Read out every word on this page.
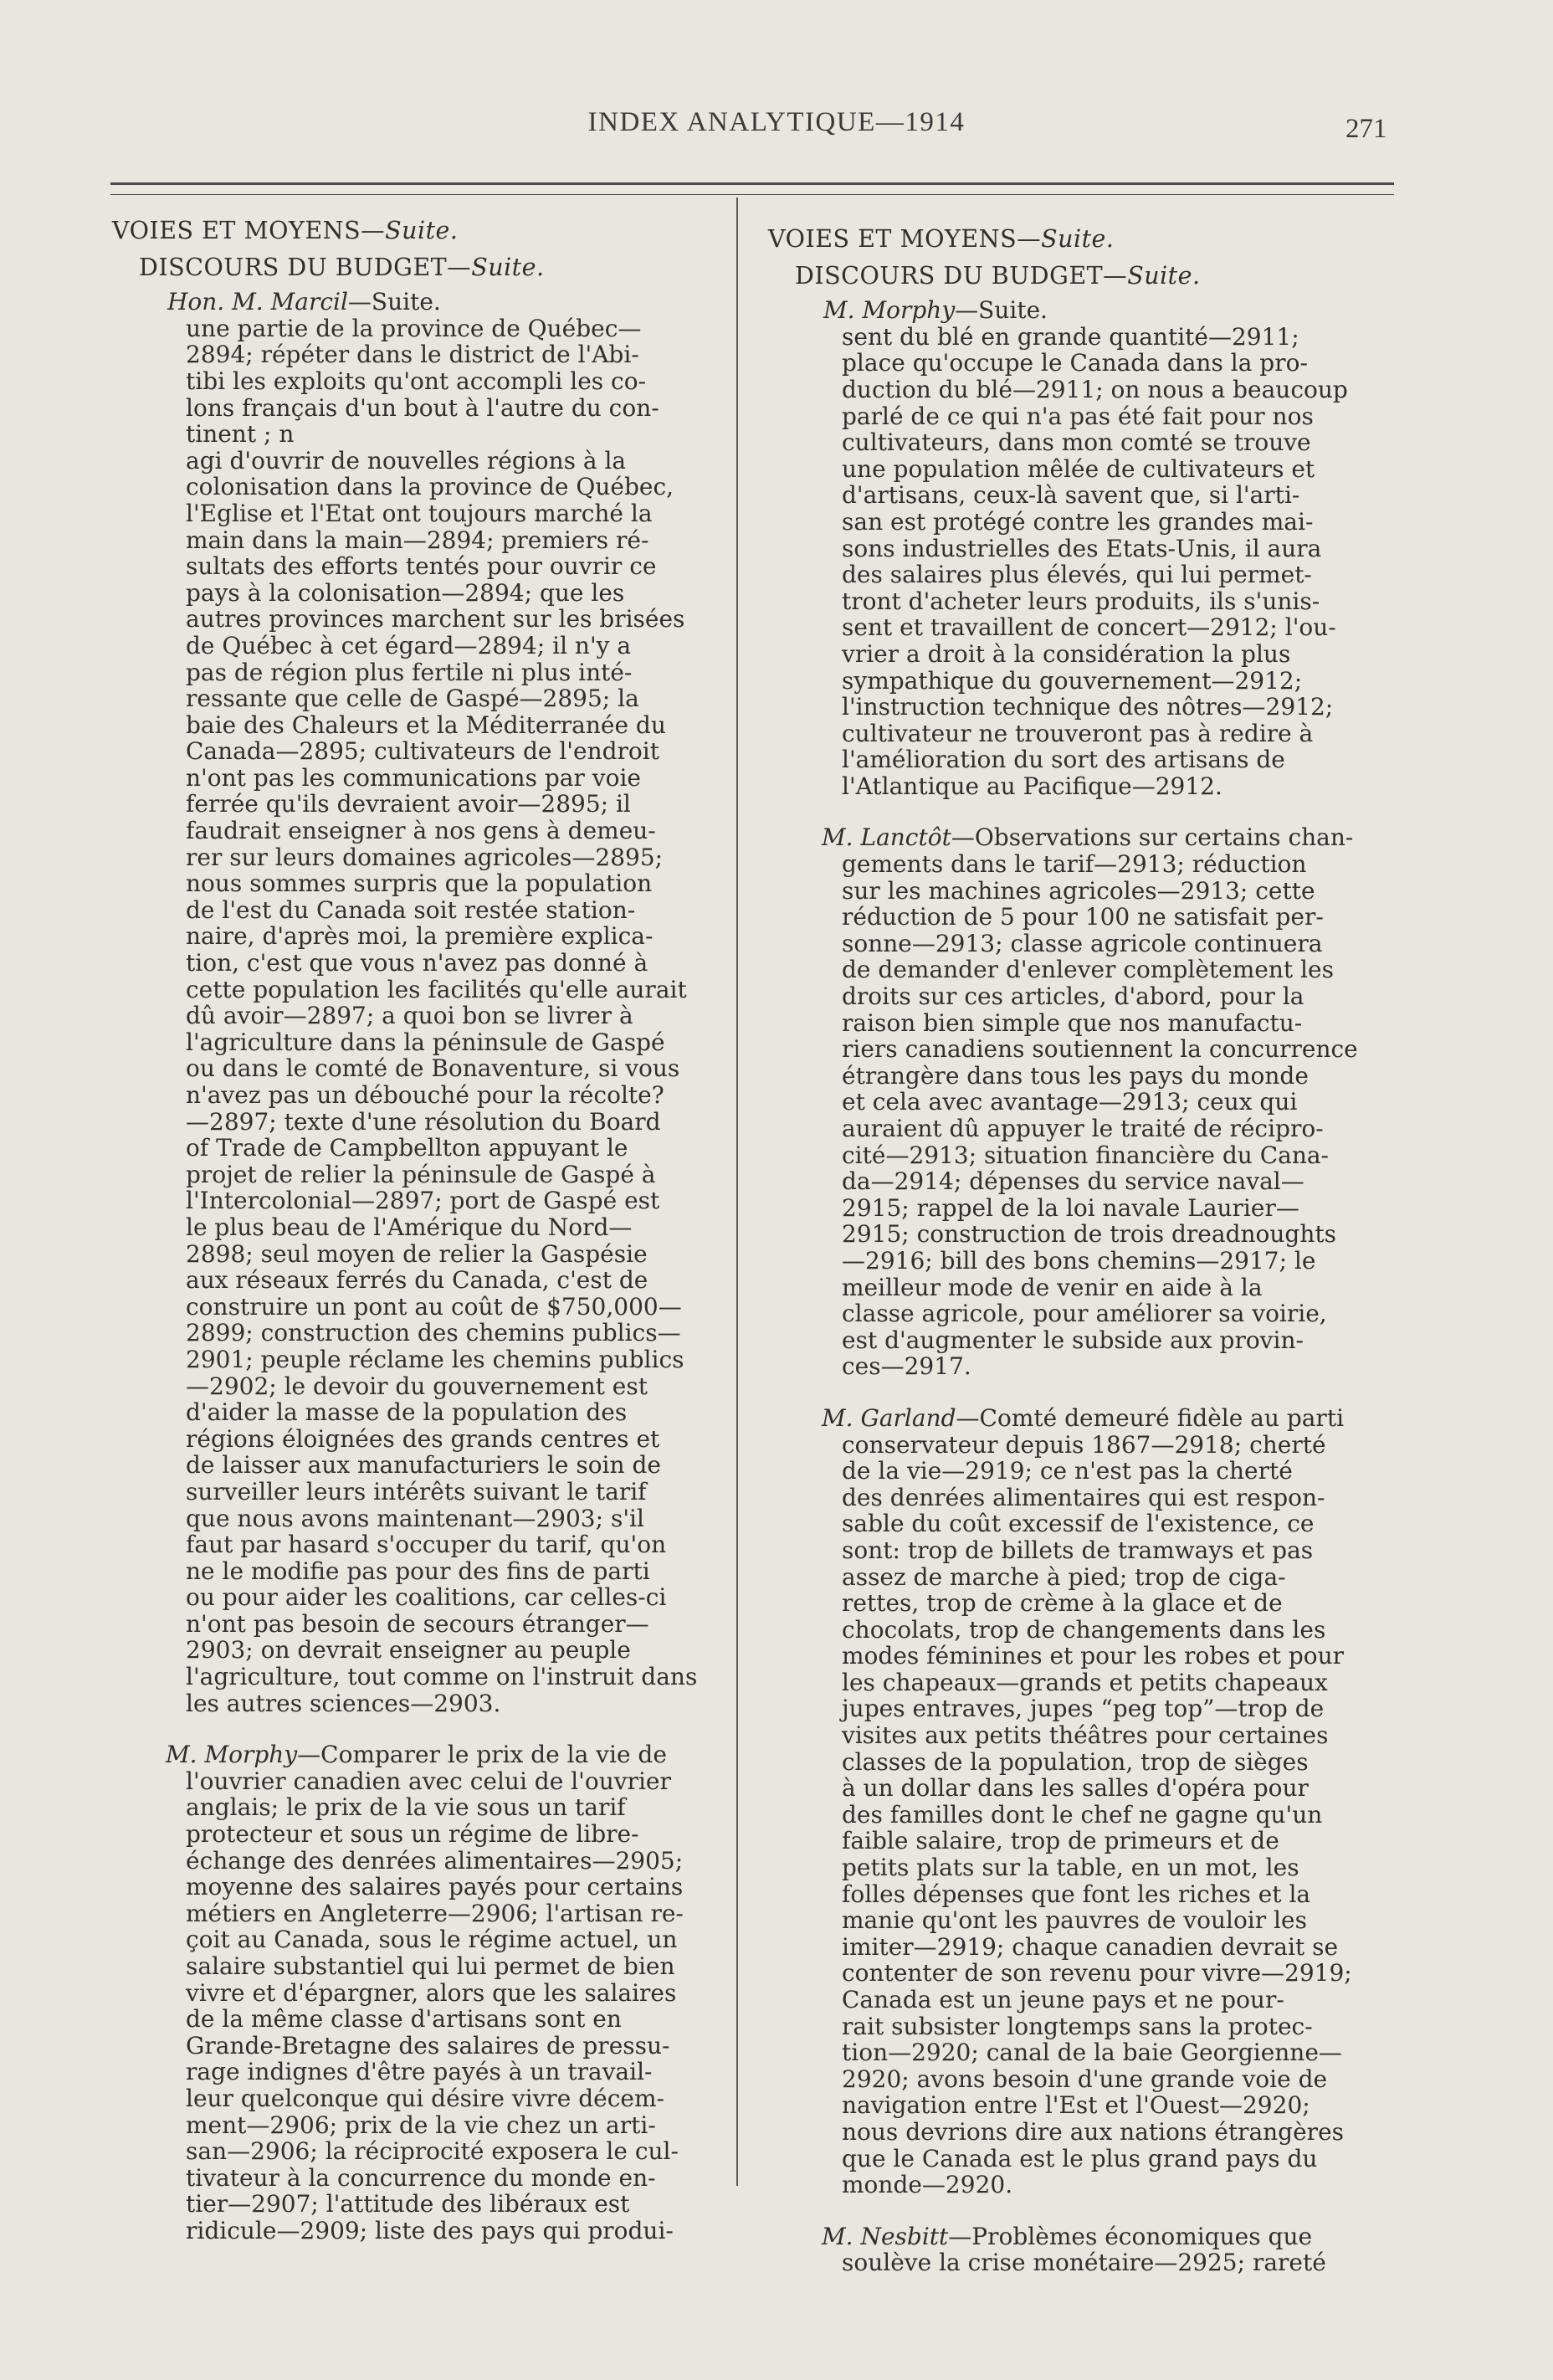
INDEX ANALYTIQUE—1914	271
VOIES ET MOYENS—Suite.
DISCOURS DU BUDGET—Suite.
Hon. M. Marcil—Suite.
une partie de la province de Québec—
2894; répéter dans le district de l'Abi-
tibi les exploits qu'ont accompli les co-
lons français d'un bout à l'autre du con-
tinent ; n
agi d'ouvrir de nouvelles régions à la
colonisation dans la province de Québec,
l'Eglise et l'Etat ont toujours marché la
main dans la main—2894; premiers ré-
sultats des efforts tentés pour ouvrir ce
pays à la colonisation—2894; que les
autres provinces marchent sur les brisées
de Québec à cet égard—2894; il n'y a
pas de région plus fertile ni plus inté-
ressante que celle de Gaspé—2895; la
baie des Chaleurs et la Méditerranée du
Canada—2895; cultivateurs de l'endroit
n'ont pas les communications par voie
ferrée qu'ils devraient avoir—2895; il
faudrait enseigner à nos gens à demeu-
rer sur leurs domaines agricoles—2895;
nous sommes surpris que la population
de l'est du Canada soit restée station-
naire, d'après moi, la première explica-
tion, c'est que vous n'avez pas donné à
cette population les facilités qu'elle aurait
dû avoir—2897; a quoi bon se livrer à
l'agriculture dans la péninsule de Gaspé
ou dans le comté de Bonaventure, si vous
n'avez pas un débouché pour la récolte?
—2897; texte d'une résolution du Board
of Trade de Campbellton appuyant le
projet de relier la péninsule de Gaspé à
l'Intercolonial—2897; port de Gaspé est
le plus beau de l'Amérique du Nord—
2898; seul moyen de relier la Gaspésie
aux réseaux ferrés du Canada, c'est de
construire un pont au coût de $750,000—
2899; construction des chemins publics—
2901; peuple réclame les chemins publics
—2902; le devoir du gouvernement est
d'aider la masse de la population des
régions éloignées des grands centres et
de laisser aux manufacturiers le soin de
surveiller leurs intérêts suivant le tarif
que nous avons maintenant—2903; s'il
faut par hasard s'occuper du tarif, qu'on
ne le modifie pas pour des fins de parti
ou pour aider les coalitions, car celles-ci
n'ont pas besoin de secours étranger—
2903; on devrait enseigner au peuple
l'agriculture, tout comme on l'instruit dans
les autres sciences—2903.
M. Morphy—Comparer le prix de la vie de
l'ouvrier canadien avec celui de l'ouvrier
anglais; le prix de la vie sous un tarif
protecteur et sous un régime de libre-
échange des denrées alimentaires—2905;
moyenne des salaires payés pour certains
métiers en Angleterre—2906; l'artisan re-
çoit au Canada, sous le régime actuel, un
salaire substantiel qui lui permet de bien
vivre et d'épargner, alors que les salaires
de la même classe d'artisans sont en
Grande-Bretagne des salaires de pressu-
rage indignes d'être payés à un travail-
leur quelconque qui désire vivre décem-
ment—2906; prix de la vie chez un arti-
san—2906; la réciprocité exposera le cul-
tivateur à la concurrence du monde en-
tier—2907; l'attitude des libéraux est
ridicule—2909; liste des pays qui produi-
VOIES ET MOYENS—Suite.
DISCOURS DU BUDGET—Suite.
M. Morphy—Suite.
sent du blé en grande quantité—2911;
place qu'occupe le Canada dans la pro-
duction du blé—2911; on nous a beaucoup
parlé de ce qui n'a pas été fait pour nos
cultivateurs, dans mon comté se trouve
une population mêlée de cultivateurs et
d'artisans, ceux-là savent que, si l'arti-
san est protégé contre les grandes mai-
sons industrielles des Etats-Unis, il aura
des salaires plus élevés, qui lui permet-
tront d'acheter leurs produits, ils s'unis-
sent et travaillent de concert—2912; l'ou-
vrier a droit à la considération la plus
sympathique du gouvernement—2912;
l'instruction technique des nôtres—2912;
cultivateur ne trouveront pas à redire à
l'amélioration du sort des artisans de
l'Atlantique au Pacifique—2912.
M. Lanctôt—Observations sur certains chan-
gements dans le tarif—2913; réduction
sur les machines agricoles—2913; cette
réduction de 5 pour 100 ne satisfait per-
sonne—2913; classe agricole continuera
de demander d'enlever complètement les
droits sur ces articles, d'abord, pour la
raison bien simple que nos manufactu-
riers canadiens soutiennent la concurrence
étrangère dans tous les pays du monde
et cela avec avantage—2913; ceux qui
auraient dû appuyer le traité de récipro-
cité—2913; situation financière du Cana-
da—2914; dépenses du service naval—
2915; rappel de la loi navale Laurier—
2915; construction de trois dreadnoughts
—2916; bill des bons chemins—2917; le
meilleur mode de venir en aide à la
classe agricole, pour améliorer sa voirie,
est d'augmenter le subside aux provin-
ces—2917.
M. Garland—Comté demeuré fidèle au parti
conservateur depuis 1867—2918; cherté
de la vie—2919; ce n'est pas la cherté
des denrées alimentaires qui est respon-
sable du coût excessif de l'existence, ce
sont: trop de billets de tramways et pas
assez de marche à pied; trop de ciga-
rettes, trop de crème à la glace et de
chocolats, trop de changements dans les
modes féminines et pour les robes et pour
les chapeaux—grands et petits chapeaux
jupes entraves, jupes “peg top”—trop de
visites aux petits théâtres pour certaines
classes de la population, trop de sièges
à un dollar dans les salles d'opéra pour
des familles dont le chef ne gagne qu'un
faible salaire, trop de primeurs et de
petits plats sur la table, en un mot, les
folles dépenses que font les riches et la
manie qu'ont les pauvres de vouloir les
imiter—2919; chaque canadien devrait se
contenter de son revenu pour vivre—2919;
Canada est un jeune pays et ne pour-
rait subsister longtemps sans la protec-
tion—2920; canal de la baie Georgienne—
2920; avons besoin d'une grande voie de
navigation entre l'Est et l'Ouest—2920;
nous devrions dire aux nations étrangères
que le Canada est le plus grand pays du
monde—2920.
M. Nesbitt—Problèmes économiques que
soulève la crise monétaire—2925; rareté
